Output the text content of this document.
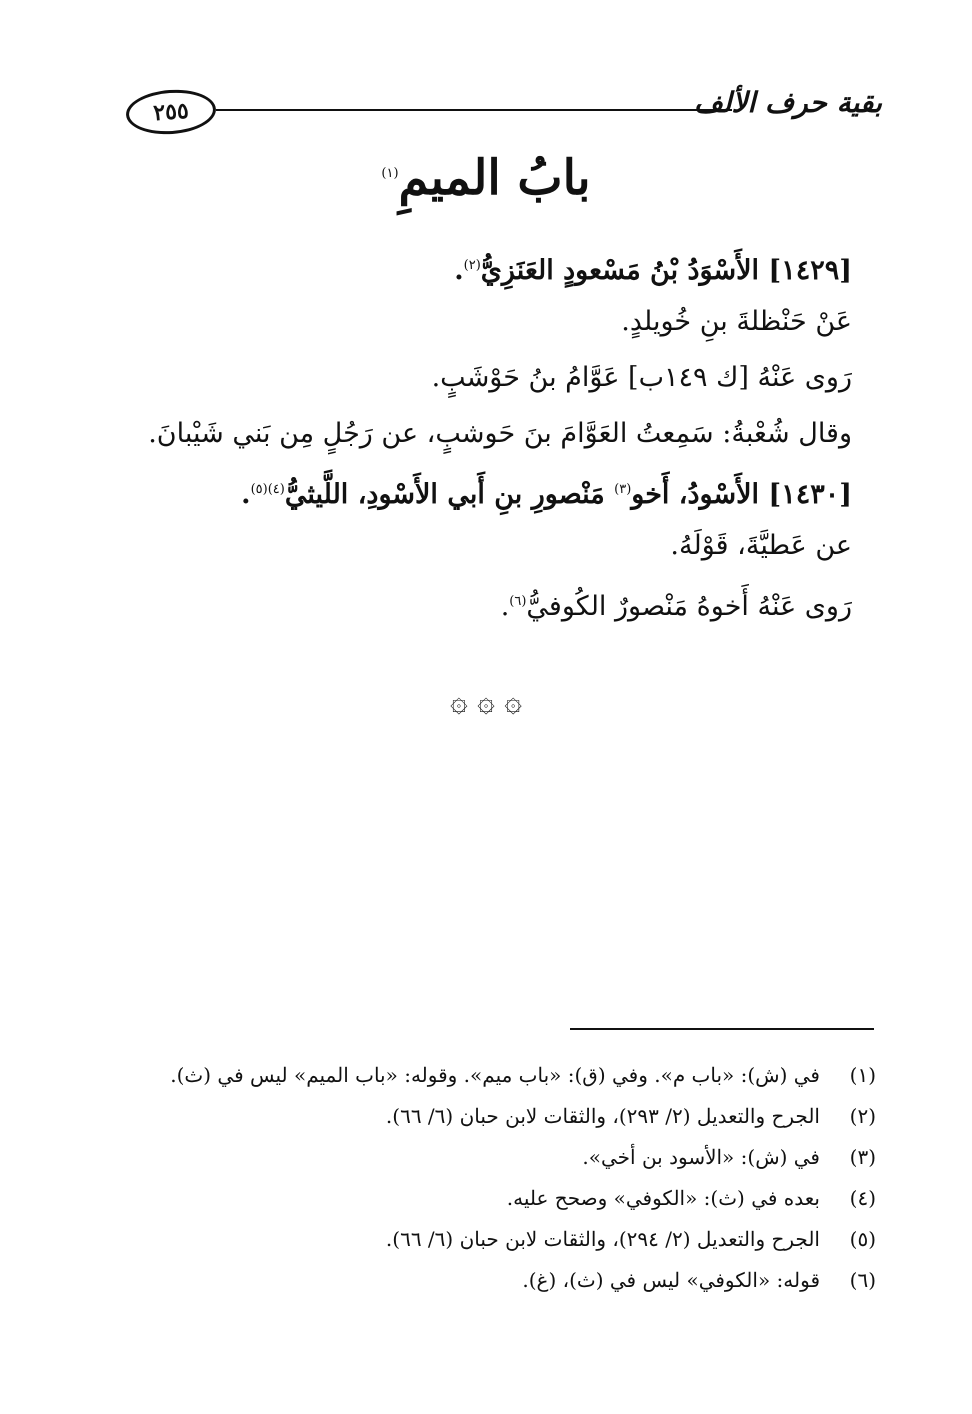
٢٥٥	بقية حرف الألف
بابُ الميمِ$^{(١)}$
[١٤٢٩] الأَسْوَدُ بْنُ مَسْعودٍ العَنَزِيُّ$^{(٢)}$.
عَنْ حَنْظلةَ بنِ خُويلدٍ.
رَوى عَنْهُ [ك ١٤٩ب] عَوَّامُ بنُ حَوْشَبٍ.
وقال شُعْبةُ: سَمِعتُ العَوَّامَ بنَ حَوشبٍ، عن رَجُلٍ مِن بَني شَيْبانَ.
[١٤٣٠] الأَسْودُ، أَخو$^{(٣)}$ مَنْصورِ بنِ أَبي الأَسْودِ، اللَّيثيُّ$^{(٤)(٥)}$.
عن عَطيَّةَ، قَوْلَهُ.
رَوى عَنْهُ أَخوهُ مَنْصورٌ الكُوفيُّ$^{(٦)}$.
۞ ۞ ۞
(١)في (ش): «باب م». وفي (ق): «باب ميم». وقوله: «باب الميم» ليس في (ث).
(٢)الجرح والتعديل (٢/ ٢٩٣)، والثقات لابن حبان (٦/ ٦٦).
(٣)في (ش): «الأسود بن أخي».
(٤)بعده في (ث): «الكوفي» وصحح عليه.
(٥)الجرح والتعديل (٢/ ٢٩٤)، والثقات لابن حبان (٦/ ٦٦).
(٦)قوله: «الكوفي» ليس في (ث)، (غ).
